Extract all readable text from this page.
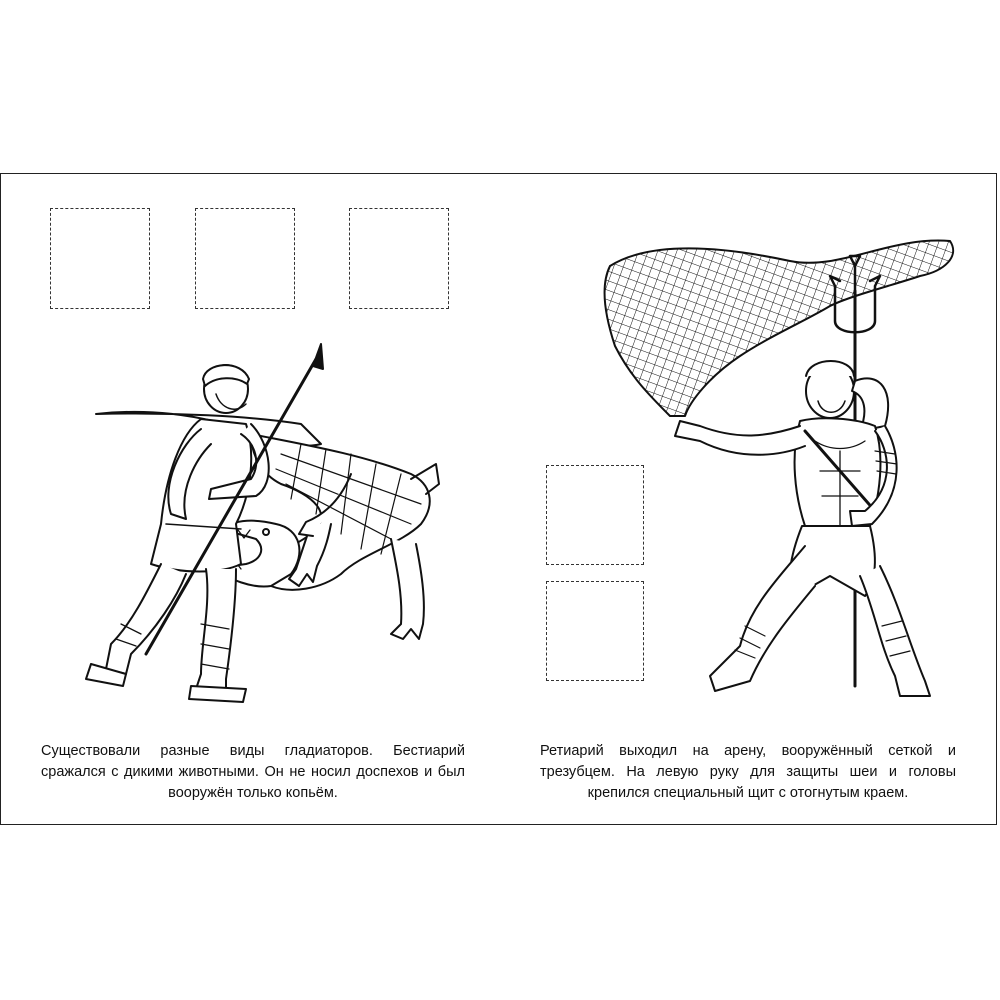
Существовали разные виды гладиаторов. Бестиарий сражался с дикими животными. Он не носил доспехов и был вооружён только копьём.

Ретиарий выходил на арену, вооружённый сеткой и трезубцем. На левую руку для защиты шеи и головы крепился специальный щит с отогнутым краем.
